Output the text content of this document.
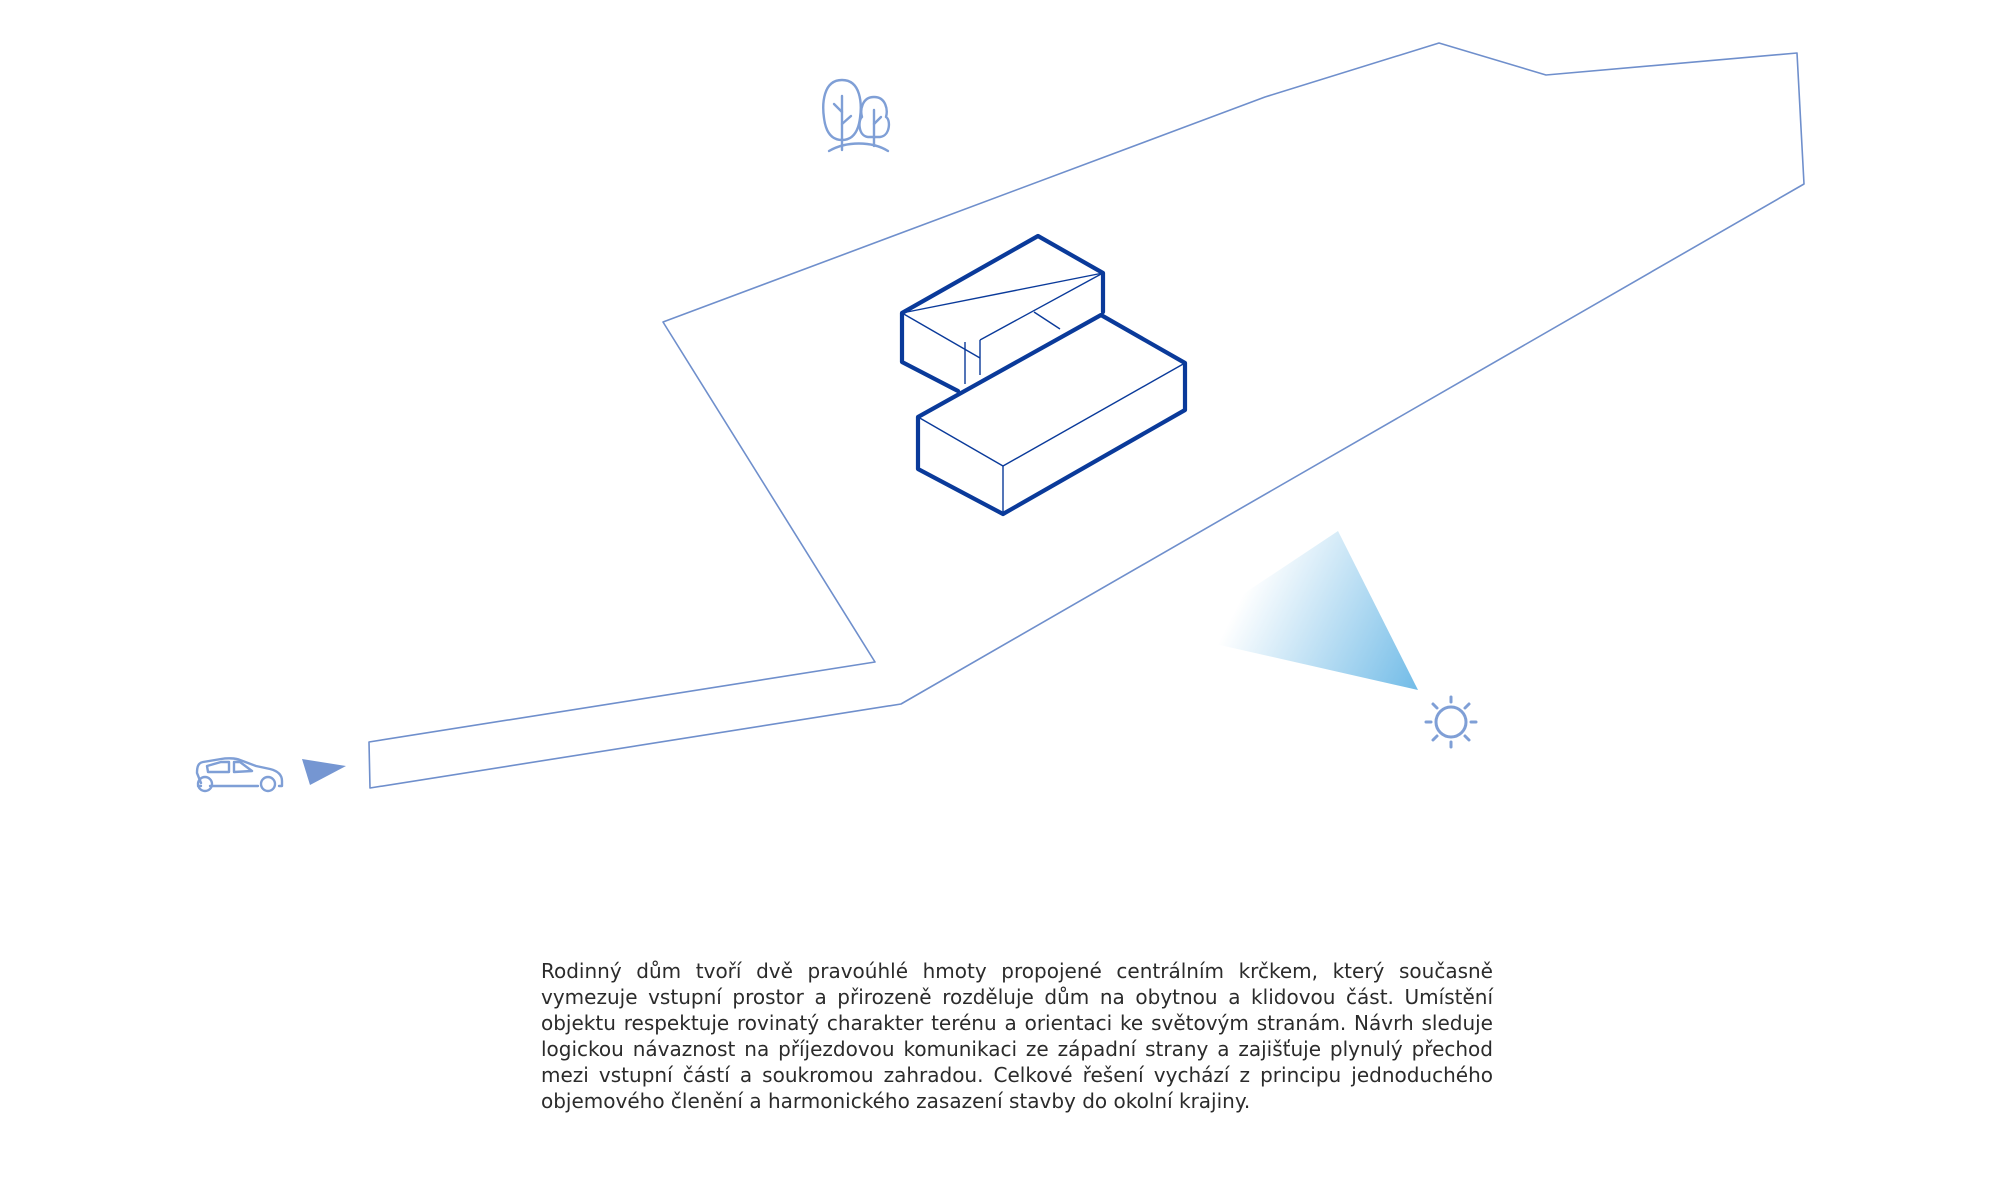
Rodinný dům tvoří dvě pravoúhlé hmoty propojené centrálním krčkem, který současně vymezuje vstupní prostor a přirozeně rozděluje dům na obytnou a klidovou část. Umístění objektu respektuje rovinatý charakter terénu a orientaci ke světovým stranám. Návrh sleduje logickou návaznost na příjezdovou komunikaci ze západní strany a zajišťuje plynulý přechod mezi vstupní částí a soukromou zahradou. Celkové řešení vychází z principu jednoduchého objemového členění a harmonického zasazení stavby do okolní krajiny.
